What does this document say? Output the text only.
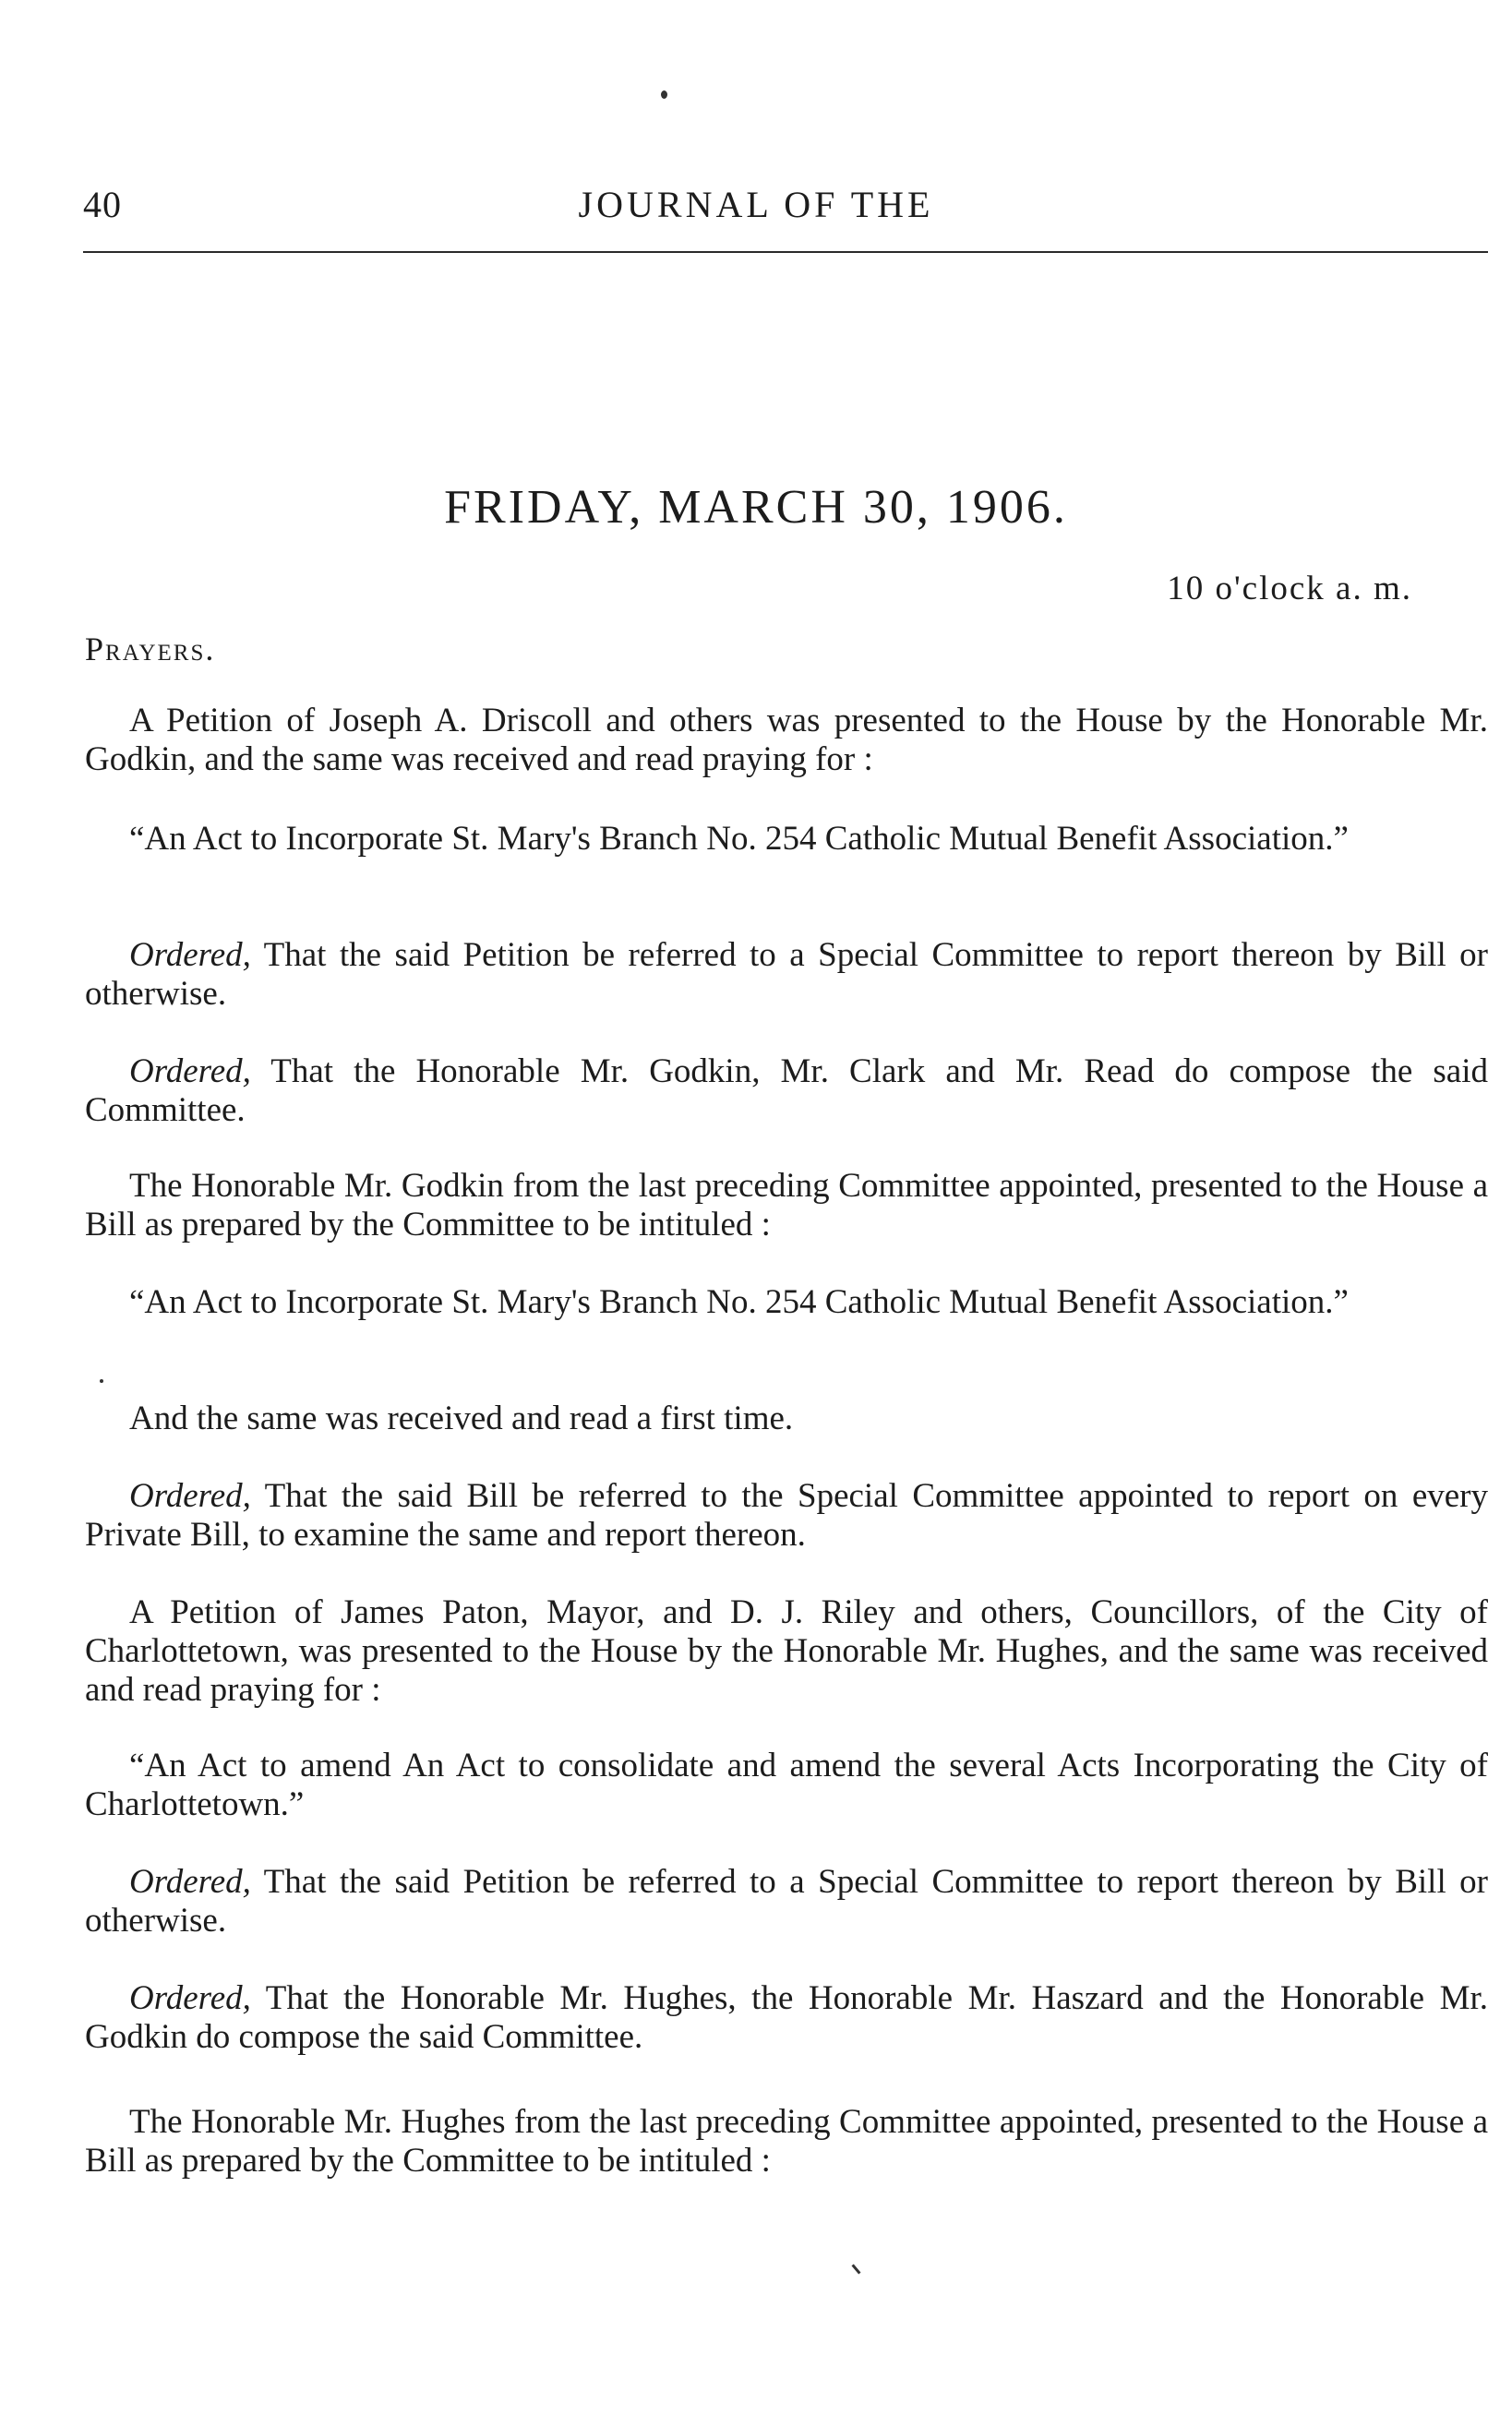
40	JOURNAL OF THE
FRIDAY, MARCH 30, 1906.
10 o'clock a. m.
Prayers.
A Petition of Joseph A. Driscoll and others was presented to the House by the Honorable Mr. Godkin, and the same was received and read praying for :
“An Act to Incorporate St. Mary's Branch No. 254 Catholic Mutual Benefit Association.”
Ordered, That the said Petition be referred to a Special Committee to report thereon by Bill or otherwise.
Ordered, That the Honorable Mr. Godkin, Mr. Clark and Mr. Read do compose the said Committee.
The Honorable Mr. Godkin from the last preceding Committee appointed, presented to the House a Bill as prepared by the Committee to be intituled :
“An Act to Incorporate St. Mary's Branch No. 254 Catholic Mutual Benefit Association.”
And the same was received and read a first time.
Ordered, That the said Bill be referred to the Special Committee appointed to report on every Private Bill, to examine the same and report thereon.
A Petition of James Paton, Mayor, and D. J. Riley and others, Councillors, of the City of Charlottetown, was presented to the House by the Honorable Mr. Hughes, and the same was received and read praying for :
“An Act to amend An Act to consolidate and amend the several Acts Incorporating the City of Charlottetown.”
Ordered, That the said Petition be referred to a Special Committee to report thereon by Bill or otherwise.
Ordered, That the Honorable Mr. Hughes, the Honorable Mr. Haszard and the Honorable Mr. Godkin do compose the said Committee.
The Honorable Mr. Hughes from the last preceding Committee appointed, presented to the House a Bill as prepared by the Committee to be intituled :
